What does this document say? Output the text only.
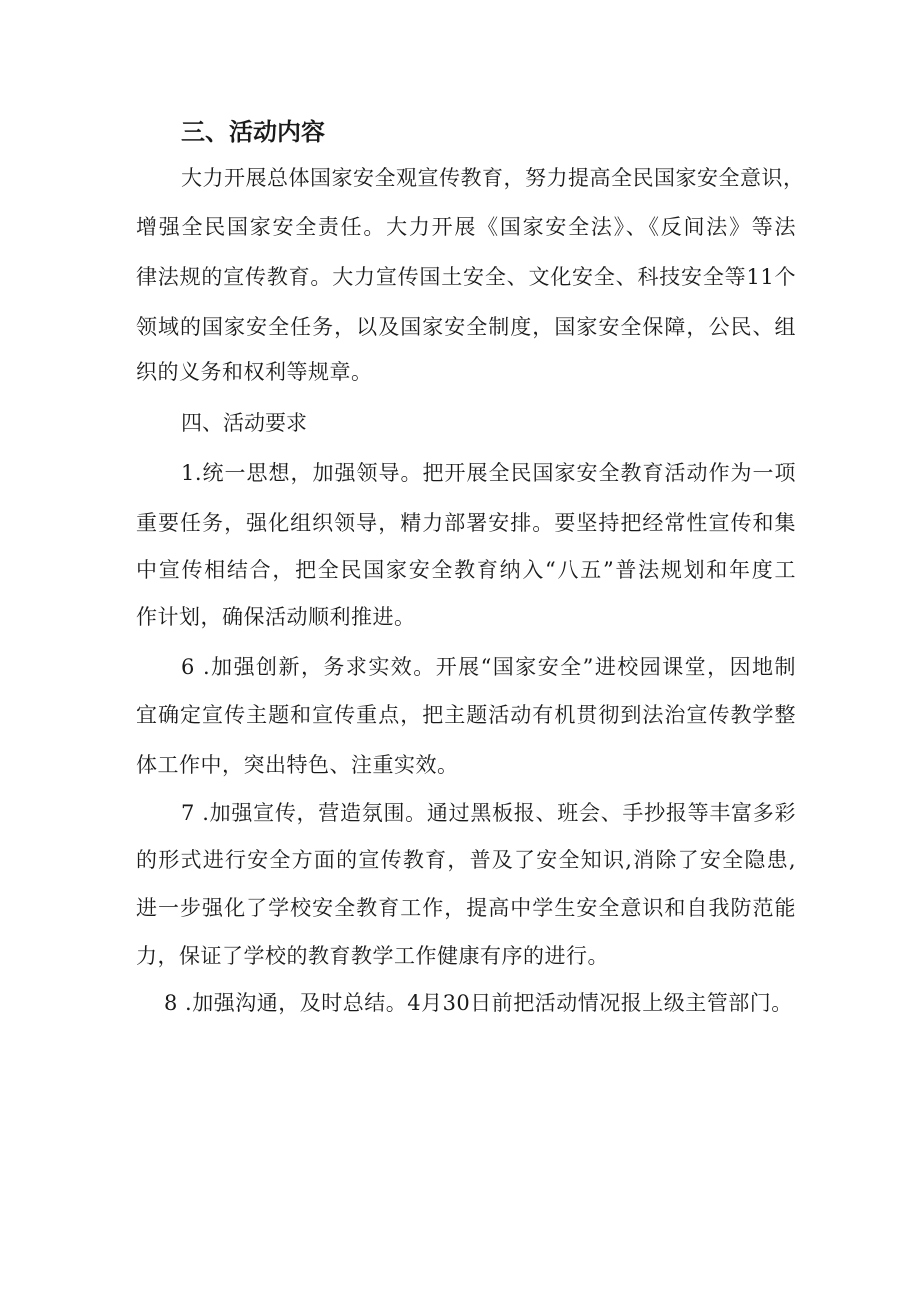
三、活动内容
大力开展总体国家安全观宣传教育，努力提高全民国家安全意识，
增强全民国家安全责任。大力开展《国家安全法》、《反间法》等法
律法规的宣传教育。大力宣传国土安全、文化安全、科技安全等11个
领域的国家安全任务，以及国家安全制度，国家安全保障，公民、组
织的义务和权利等规章。
四、活动要求
1.统一思想，加强领导。把开展全民国家安全教育活动作为一项
重要任务，强化组织领导，精力部署安排。要坚持把经常性宣传和集
中宣传相结合，把全民国家安全教育纳入“八五”普法规划和年度工
作计划，确保活动顺利推进。
6 .加强创新，务求实效。开展“国家安全”进校园课堂，因地制
宜确定宣传主题和宣传重点，把主题活动有机贯彻到法治宣传教学整
体工作中，突出特色、注重实效。
7 .加强宣传，营造氛围。通过黑板报、班会、手抄报等丰富多彩
的形式进行安全方面的宣传教育，普及了安全知识,消除了安全隐患,
进一步强化了学校安全教育工作，提高中学生安全意识和自我防范能
力，保证了学校的教育教学工作健康有序的进行。
8 .加强沟通，及时总结。4月30日前把活动情况报上级主管部门。
